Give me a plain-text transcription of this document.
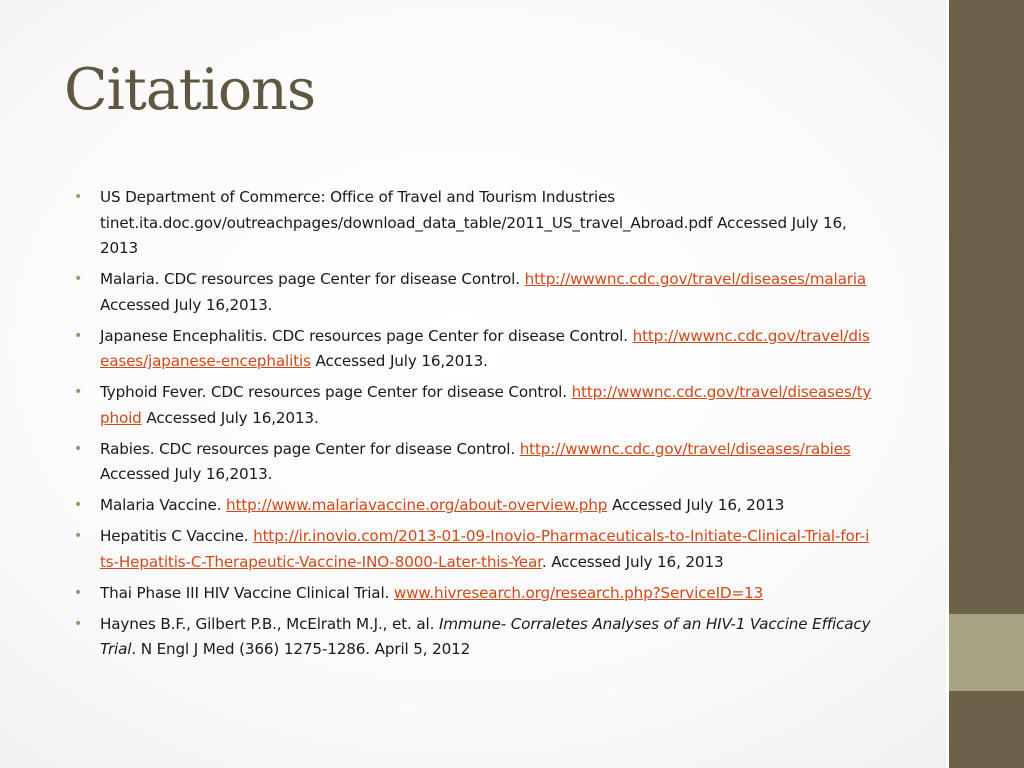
Citations
• US Department of Commerce: Office of Travel and Tourism Industries tinet.ita.doc.gov/outreachpages/download_data_table/2011_US_travel_Abroad.pdf Accessed July 16, 2013
• Malaria. CDC resources page Center for disease Control. http://wwwnc.cdc.gov/travel/diseases/malaria Accessed July 16,2013.
• Japanese Encephalitis. CDC resources page Center for disease Control. http://wwwnc.cdc.gov/travel/diseases/japanese-encephalitis Accessed July 16,2013.
• Typhoid Fever. CDC resources page Center for disease Control. http://wwwnc.cdc.gov/travel/diseases/typhoid Accessed July 16,2013.
• Rabies. CDC resources page Center for disease Control. http://wwwnc.cdc.gov/travel/diseases/rabies Accessed July 16,2013.
• Malaria Vaccine. http://www.malariavaccine.org/about-overview.php Accessed July 16, 2013
• Hepatitis C Vaccine. http://ir.inovio.com/2013-01-09-Inovio-Pharmaceuticals-to-Initiate-Clinical-Trial-for-its-Hepatitis-C-Therapeutic-Vaccine-INO-8000-Later-this-Year. Accessed July 16, 2013
• Thai Phase III HIV Vaccine Clinical Trial. www.hivresearch.org/research.php?ServiceID=13
• Haynes B.F., Gilbert P.B., McElrath M.J., et. al. Immune- Corraletes Analyses of an HIV-1 Vaccine Efficacy Trial. N Engl J Med (366) 1275-1286. April 5, 2012
